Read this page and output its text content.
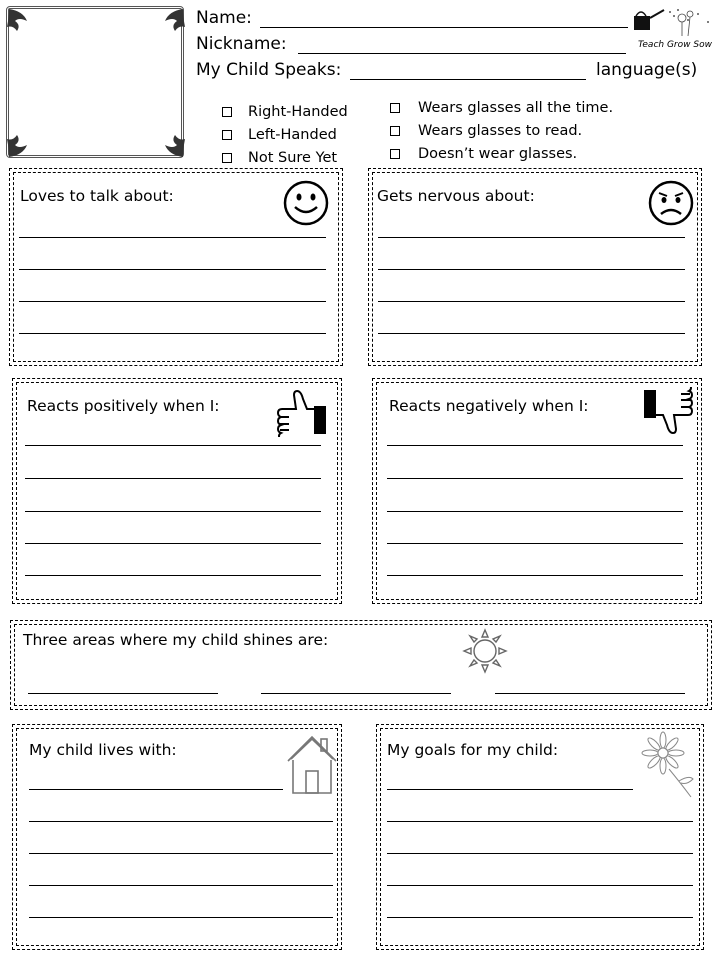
Name:
Nickname:
My Child Speaks:	language(s)
Teach Grow Sow
Right-Handed
Left-Handed
Not Sure Yet
Wears glasses all the time.
Wears glasses to read.
Doesn’t wear glasses.
Loves to talk about:	Gets nervous about:
Reacts positively when I:	Reacts negatively when I:
Three areas where my child shines are:
My child lives with:	My goals for my child:
